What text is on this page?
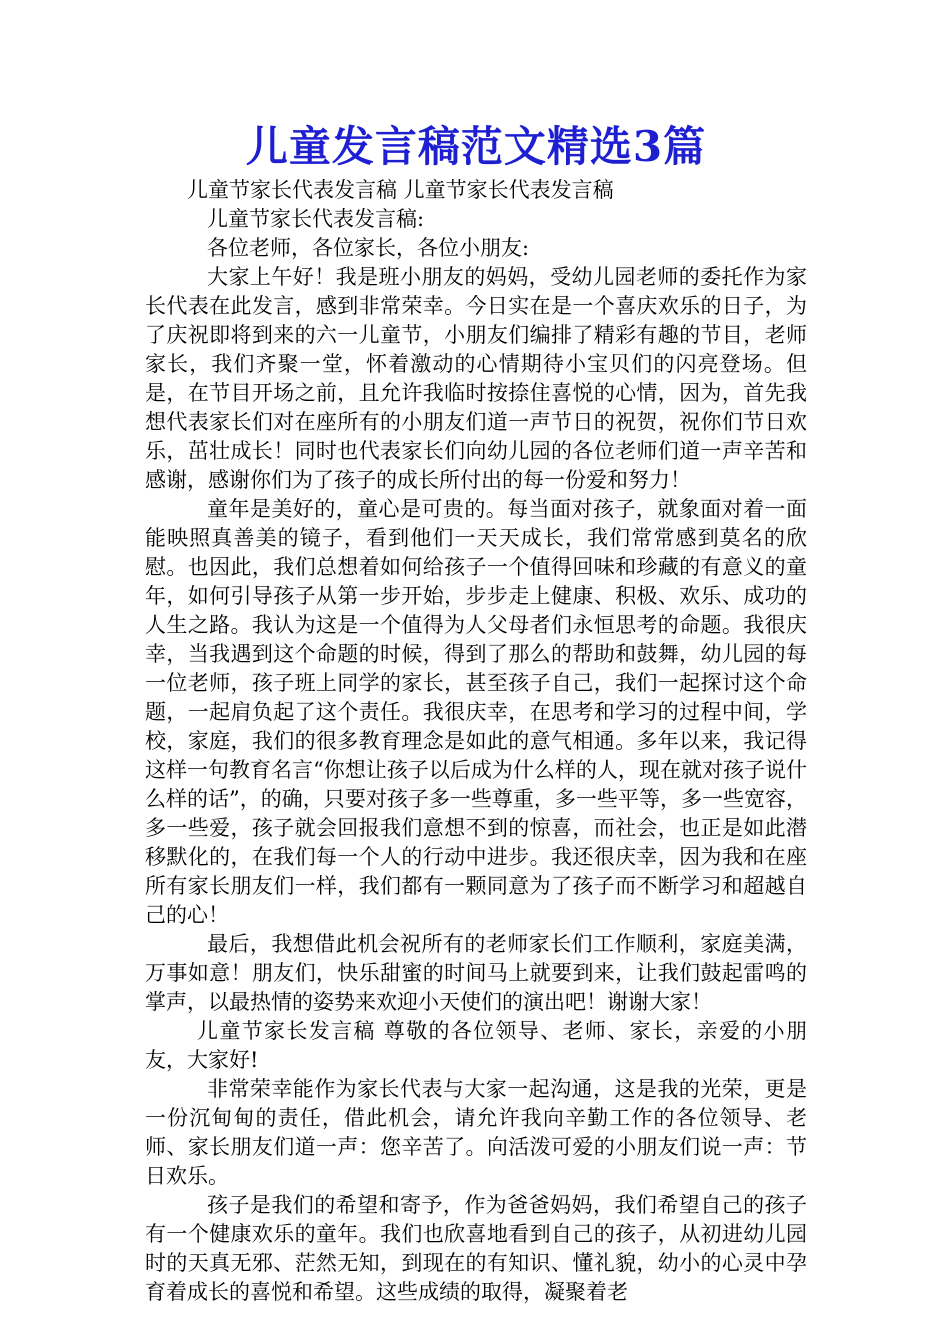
儿童发言稿范文精选3篇

儿童节家长代表发言稿 儿童节家长代表发言稿

儿童节家长代表发言稿:

各位老师，各位家长，各位小朋友:

大家上午好！我是班小朋友的妈妈，受幼儿园老师的委托作为家长代表在此发言，感到非常荣幸。今日实在是一个喜庆欢乐的日子，为了庆祝即将到来的六一儿童节，小朋友们编排了精彩有趣的节目，老师家长，我们齐聚一堂，怀着激动的心情期待小宝贝们的闪亮登场。但是，在节目开场之前，且允许我临时按捺住喜悦的心情，因为，首先我想代表家长们对在座所有的小朋友们道一声节日的祝贺，祝你们节日欢乐，茁壮成长！同时也代表家长们向幼儿园的各位老师们道一声辛苦和感谢，感谢你们为了孩子的成长所付出的每一份爱和努力！

童年是美好的，童心是可贵的。每当面对孩子，就象面对着一面能映照真善美的镜子，看到他们一天天成长，我们常常感到莫名的欣慰。也因此，我们总想着如何给孩子一个值得回味和珍藏的有意义的童年，如何引导孩子从第一步开始，步步走上健康、积极、欢乐、成功的人生之路。我认为这是一个值得为人父母者们永恒思考的命题。我很庆幸，当我遇到这个命题的时候，得到了那么的帮助和鼓舞，幼儿园的每一位老师，孩子班上同学的家长，甚至孩子自己，我们一起探讨这个命题，一起肩负起了这个责任。我很庆幸，在思考和学习的过程中间，学校，家庭，我们的很多教育理念是如此的意气相通。多年以来，我记得这样一句教育名言“你想让孩子以后成为什么样的人，现在就对孩子说什么样的话”，的确，只要对孩子多一些尊重，多一些平等，多一些宽容，多一些爱，孩子就会回报我们意想不到的惊喜，而社会，也正是如此潜移默化的，在我们每一个人的行动中进步。我还很庆幸，因为我和在座所有家长朋友们一样，我们都有一颗同意为了孩子而不断学习和超越自己的心！

最后，我想借此机会祝所有的老师家长们工作顺利，家庭美满，万事如意！朋友们，快乐甜蜜的时间马上就要到来，让我们鼓起雷鸣的掌声，以最热情的姿势来欢迎小天使们的演出吧！谢谢大家！

儿童节家长发言稿 尊敬的各位领导、老师、家长，亲爱的小朋友，大家好!

非常荣幸能作为家长代表与大家一起沟通，这是我的光荣，更是一份沉甸甸的责任，借此机会，请允许我向辛勤工作的各位领导、老师、家长朋友们道一声：您辛苦了。向活泼可爱的小朋友们说一声：节日欢乐。

孩子是我们的希望和寄予，作为爸爸妈妈，我们希望自己的孩子有一个健康欢乐的童年。我们也欣喜地看到自己的孩子，从初进幼儿园时的天真无邪、茫然无知，到现在的有知识、懂礼貌，幼小的心灵中孕育着成长的喜悦和希望。这些成绩的取得，凝聚着老
